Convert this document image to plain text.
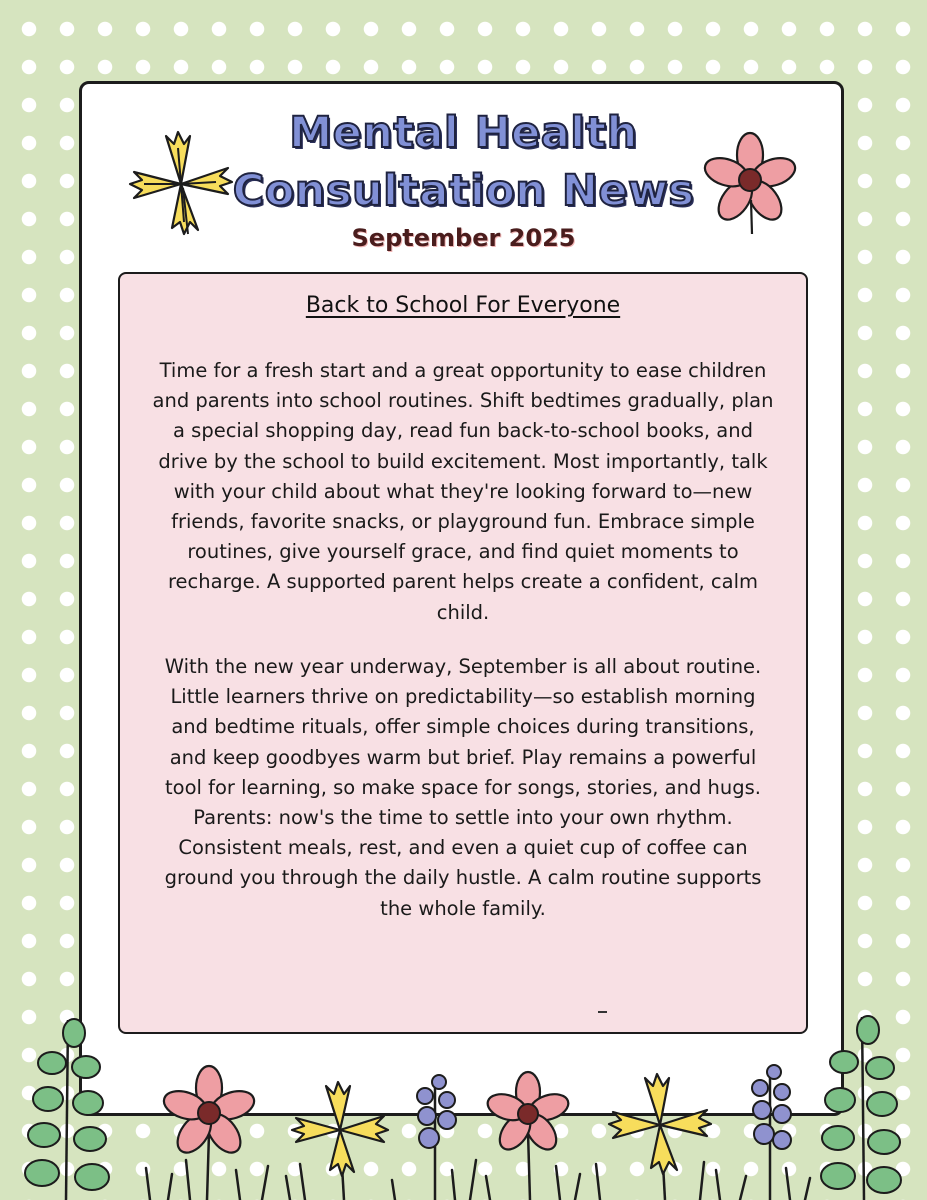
Mental Health
Consultation News
September 2025
Back to School For Everyone

Time for a fresh start and a great opportunity to ease children and parents into school routines. Shift bedtimes gradually, plan a special shopping day, read fun back-to-school books, and drive by the school to build excitement. Most importantly, talk with your child about what they're looking forward to—new friends, favorite snacks, or playground fun. Embrace simple routines, give yourself grace, and find quiet moments to recharge. A supported parent helps create a confident, calm child.

With the new year underway, September is all about routine. Little learners thrive on predictability—so establish morning and bedtime rituals, offer simple choices during transitions, and keep goodbyes warm but brief. Play remains a powerful tool for learning, so make space for songs, stories, and hugs. Parents: now's the time to settle into your own rhythm. Consistent meals, rest, and even a quiet cup of coffee can ground you through the daily hustle. A calm routine supports the whole family.
